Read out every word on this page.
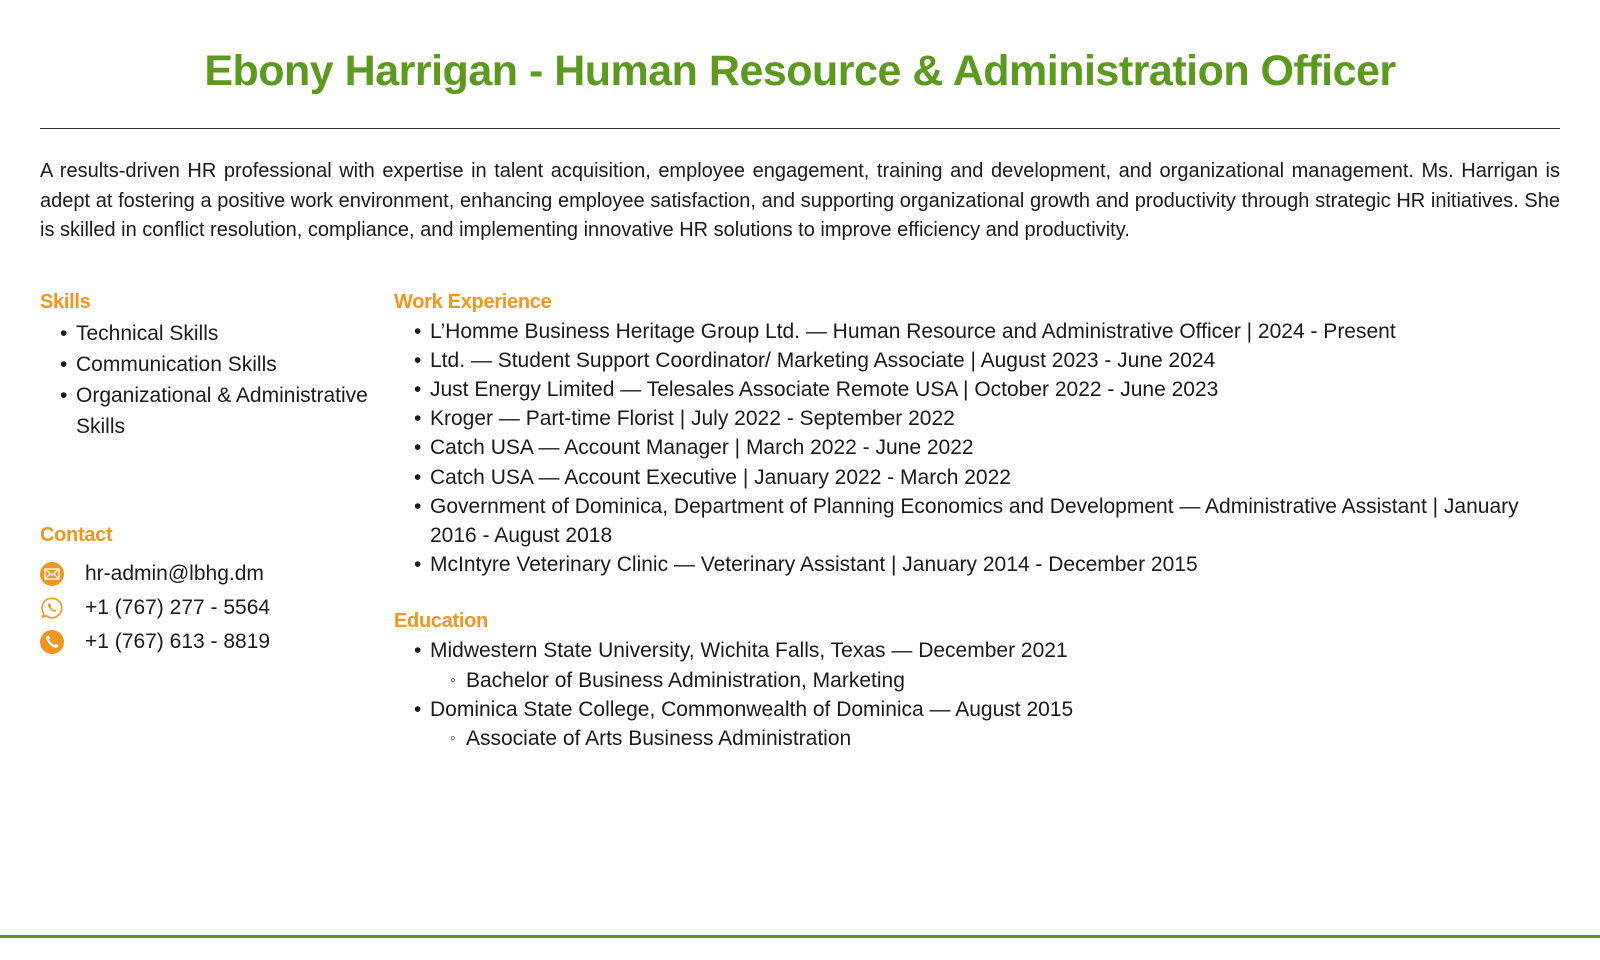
Ebony Harrigan - Human Resource & Administration Officer

A results-driven HR professional with expertise in talent acquisition, employee engagement, training and development, and organizational management. Ms. Harrigan is adept at fostering a positive work environment, enhancing employee satisfaction, and supporting organizational growth and productivity through strategic HR initiatives. She is skilled in conflict resolution, compliance, and implementing innovative HR solutions to improve efficiency and productivity.

Skills
• Technical Skills
• Communication Skills
• Organizational & Administrative Skills
Contact
hr-admin@lbhg.dm
+1 (767) 277 - 5564
+1 (767) 613 - 8819
Work Experience
• L’Homme Business Heritage Group Ltd. — Human Resource and Administrative Officer | 2024 - Present
• Ltd. — Student Support Coordinator/ Marketing Associate | August 2023 - June 2024
• Just Energy Limited — Telesales Associate Remote USA | October 2022 - June 2023
• Kroger — Part-time Florist | July 2022 - September 2022
• Catch USA — Account Manager | March 2022 - June 2022
• Catch USA — Account Executive | January 2022 - March 2022
• Government of Dominica, Department of Planning Economics and Development — Administrative Assistant | January 2016 - August 2018
• McIntyre Veterinary Clinic — Veterinary Assistant | January 2014 - December 2015
Education
• Midwestern State University, Wichita Falls, Texas — December 2021
◦ Bachelor of Business Administration, Marketing
• Dominica State College, Commonwealth of Dominica — August 2015
◦ Associate of Arts Business Administration
